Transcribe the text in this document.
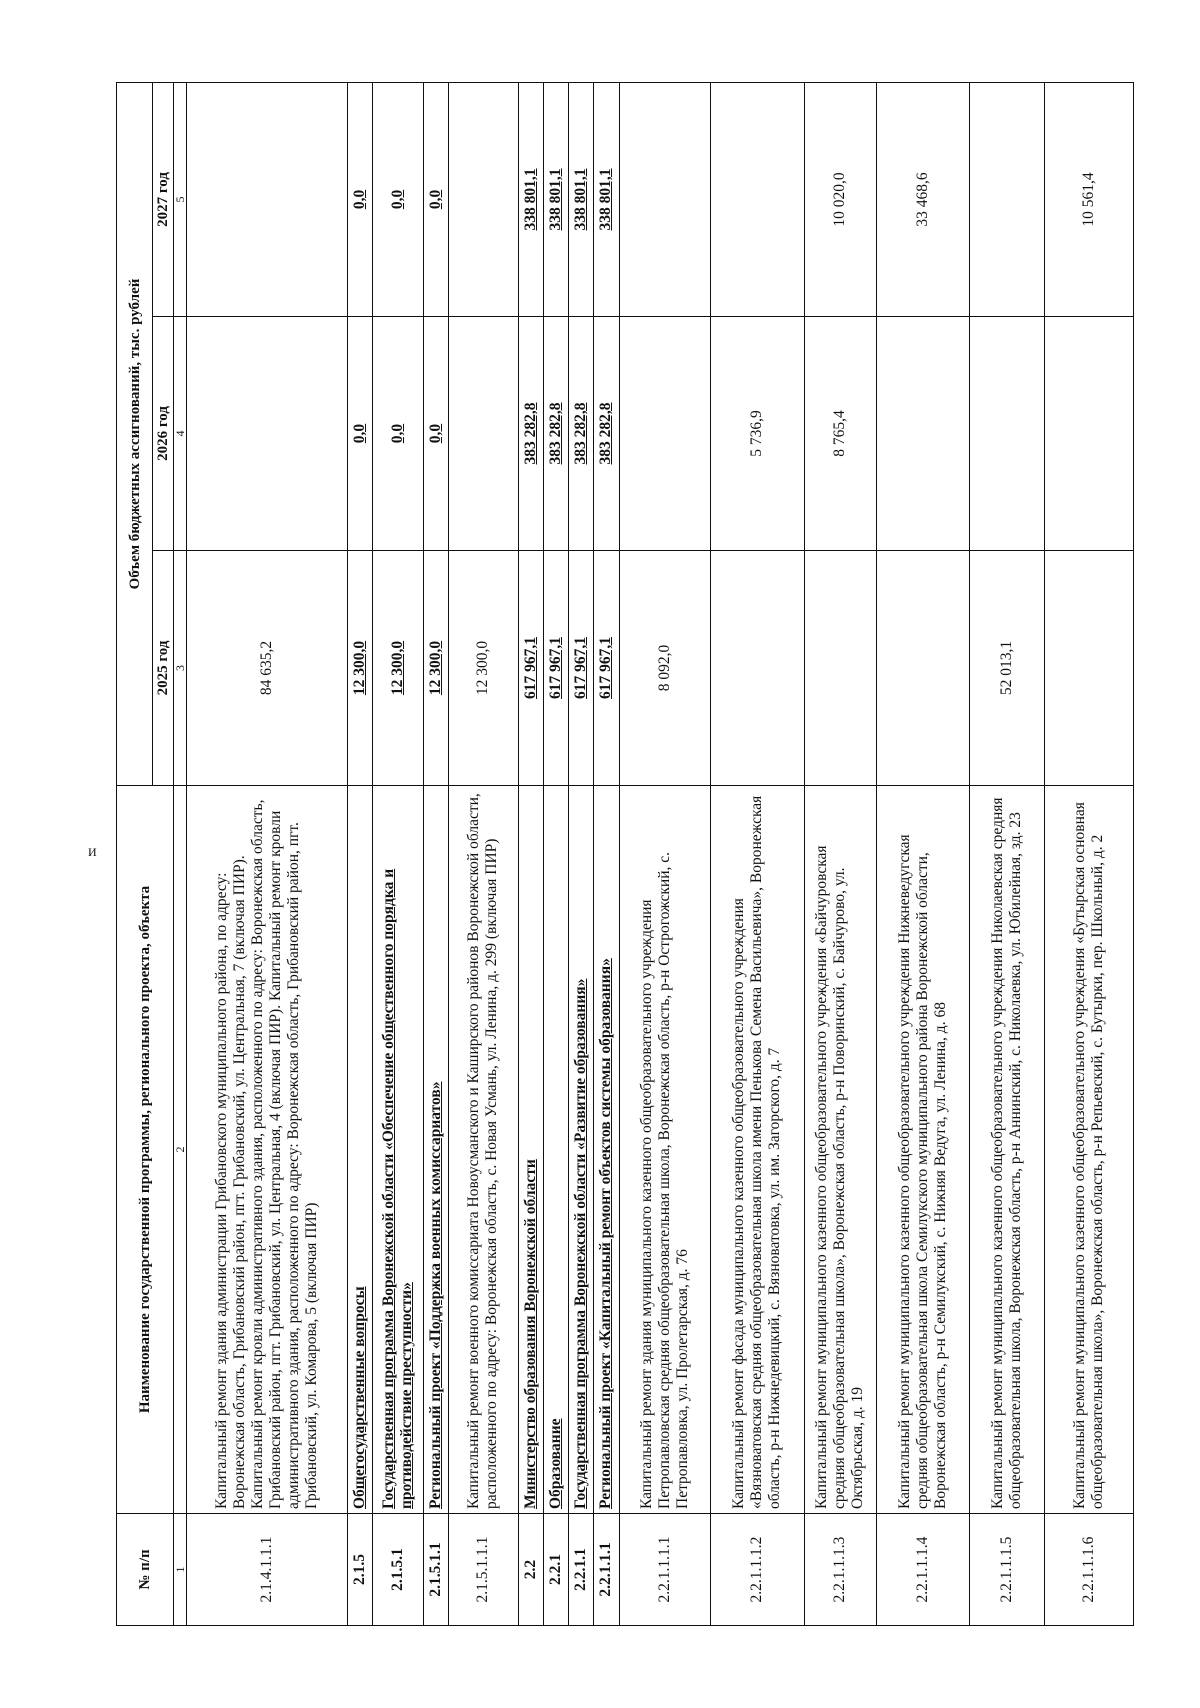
И
№ п/п	Наименование государственной программы, регионального проекта, объекта	Объем бюджетных ассигнований, тыс. рублей		
		2025 год	2026 год	2027 год
1	2	3	4	5
2.1.4.1.1.1	Капитальный ремонт здания администрации Грибановского муниципального района, по адресу: Воронежская область, Грибановский район, пгт. Грибановский, ул. Центральная, 7 (включая ПИР). Капитальный ремонт кровли административного здания, расположенного по адресу: Воронежская область, Грибановский район, пгт. Грибановский, ул. Центральная, 4 (включая ПИР). Капитальный ремонт кровли административного здания, расположенного по адресу: Воронежская область, Грибановский район, пгт. Грибановский, ул. Комарова, 5 (включая ПИР)	84 635,2		
2.1.5	Общегосударственные вопросы	12 300,0	0,0	0,0
2.1.5.1	Государственная программа Воронежской области «Обеспечение общественного порядка и противодействие преступности»	12 300,0	0,0	0,0
2.1.5.1.1	Региональный проект «Поддержка военных комиссариатов»	12 300,0	0,0	0,0
2.1.5.1.1.1	Капитальный ремонт военного комиссариата Новоусманского и Каширского районов Воронежской области, расположенного по адресу: Воронежская область, с. Новая Усмань, ул. Ленина, д. 299 (включая ПИР)	12 300,0		
2.2	Министерство образования Воронежской области	617 967,1	383 282,8	338 801,1
2.2.1	Образование	617 967,1	383 282,8	338 801,1
2.2.1.1	Государственная программа Воронежской области «Развитие образования»	617 967,1	383 282,8	338 801,1
2.2.1.1.1	Региональный проект «Капитальный ремонт объектов системы образования»	617 967,1	383 282,8	338 801,1
2.2.1.1.1.1	Капитальный ремонт здания муниципального казенного общеобразовательного учреждения Петропавловская средняя общеобразовательная школа, Воронежская область, р-н Острогожский, с. Петропавловка, ул. Пролетарская, д. 76	8 092,0		
2.2.1.1.1.2	Капитальный ремонт фасада муниципального казенного общеобразовательного учреждения «Вязноватовская средняя общеобразовательная школа имени Пенькова Семена Васильевича», Воронежская область, р-н Нижнедевицкий, с. Вязноватовка, ул. им. Загорского, д. 7		5 736,9	
2.2.1.1.1.3	Капитальный ремонт муниципального казенного общеобразовательного учреждения «Байчуровская средняя общеобразовательная школа», Воронежская область, р-н Поворинский, с. Байчурово, ул. Октябрьская, д. 19		8 765,4	10 020,0
2.2.1.1.1.4	Капитальный ремонт муниципального казенного общеобразовательного учреждения Нижневедугская средняя общеобразовательная школа Семилукского муниципального района Воронежской области, Воронежская область, р-н Семилукский, с. Нижняя Ведуга, ул. Ленина, д. 68			33 468,6
2.2.1.1.1.5	Капитальный ремонт муниципального казенного общеобразовательного учреждения Николаевская средняя общеобразовательная школа, Воронежская область, р-н Аннинский, с. Николаевка, ул. Юбилейная, зд. 23	52 013,1		
2.2.1.1.1.6	Капитальный ремонт муниципального казенного общеобразовательного учреждения «Бутырская основная общеобразовательная школа», Воронежская область, р-н Репьевский, с. Бутырки, пер. Школьный, д. 2			10 561,4
